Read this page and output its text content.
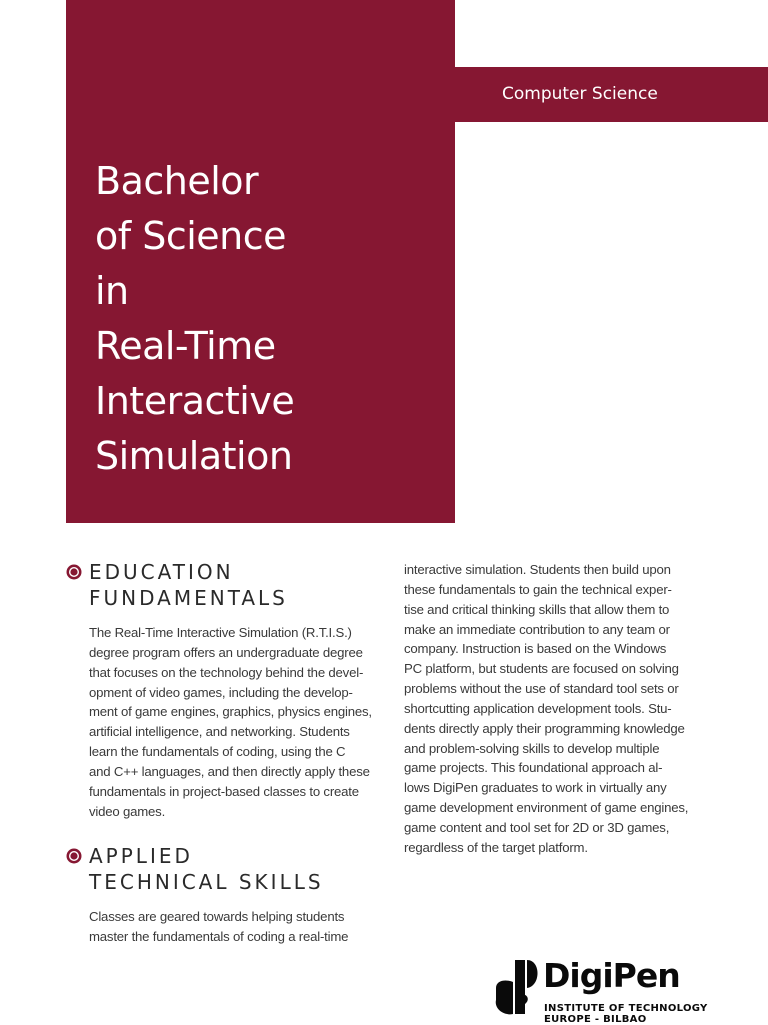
Bachelor
of Science
in
Real-Time
Interactive
Simulation
Computer Science
EDUCATION
FUNDAMENTALS
The Real-Time Interactive Simulation (R.T.I.S.)
degree program offers an undergraduate degree
that focuses on the technology behind the devel-
opment of video games, including the develop-
ment of game engines, graphics, physics engines,
artificial intelligence, and networking. Students
learn the fundamentals of coding, using the C
and C++ languages, and then directly apply these
fundamentals in project-based classes to create
video games.
APPLIED
TECHNICAL SKILLS
Classes are geared towards helping students
master the fundamentals of coding a real-time
interactive simulation. Students then build upon
these fundamentals to gain the technical exper-
tise and critical thinking skills that allow them to
make an immediate contribution to any team or
company. Instruction is based on the Windows
PC platform, but students are focused on solving
problems without the use of standard tool sets or
shortcutting application development tools. Stu-
dents directly apply their programming knowledge
and problem-solving skills to develop multiple
game projects. This foundational approach al-
lows DigiPen graduates to work in virtually any
game development environment of game engines,
game content and tool set for 2D or 3D games,
regardless of the target platform.
DigiPen
INSTITUTE OF TECHNOLOGY
EUROPE - BILBAO
